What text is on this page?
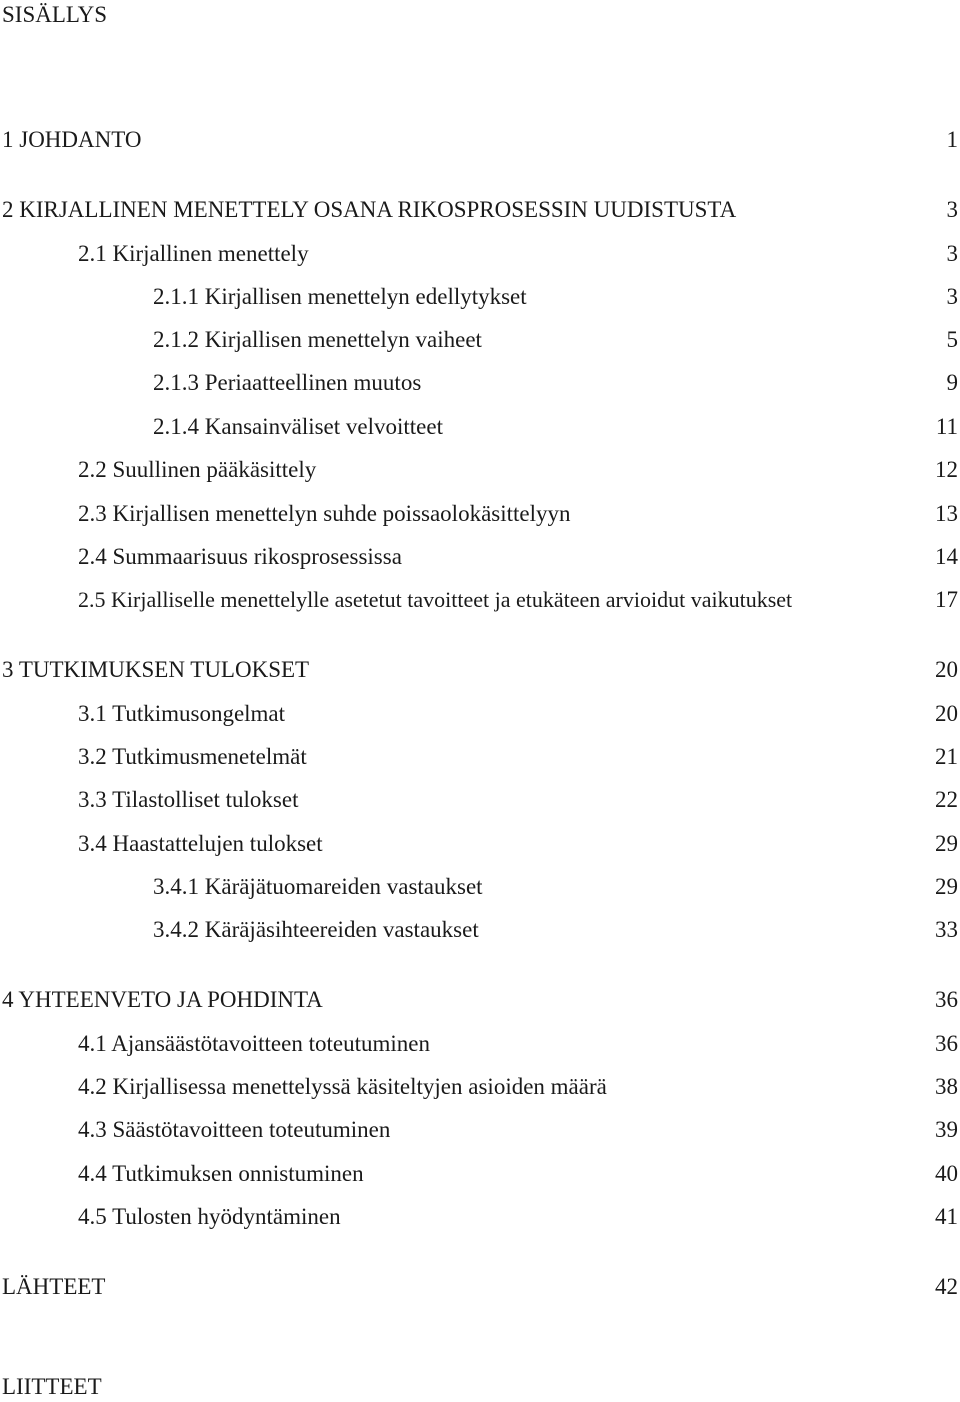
SISÄLLYS
1 JOHDANTO	1
2 KIRJALLINEN MENETTELY OSANA RIKOSPROSESSIN UUDISTUSTA	3
2.1 Kirjallinen menettely	3
2.1.1 Kirjallisen menettelyn edellytykset	3
2.1.2 Kirjallisen menettelyn vaiheet	5
2.1.3 Periaatteellinen muutos	9
2.1.4 Kansainväliset velvoitteet	11
2.2 Suullinen pääkäsittely	12
2.3 Kirjallisen menettelyn suhde poissaolokäsittelyyn	13
2.4 Summaarisuus rikosprosessissa	14
2.5 Kirjalliselle menettelylle asetetut tavoitteet ja etukäteen arvioidut vaikutukset	17
3 TUTKIMUKSEN TULOKSET	20
3.1 Tutkimusongelmat	20
3.2 Tutkimusmenetelmät	21
3.3 Tilastolliset tulokset	22
3.4 Haastattelujen tulokset	29
3.4.1 Käräjätuomareiden vastaukset	29
3.4.2 Käräjäsihteereiden vastaukset	33
4 YHTEENVETO JA POHDINTA	36
4.1 Ajansäästötavoitteen toteutuminen	36
4.2 Kirjallisessa menettelyssä käsiteltyjen asioiden määrä	38
4.3 Säästötavoitteen toteutuminen	39
4.4 Tutkimuksen onnistuminen	40
4.5 Tulosten hyödyntäminen	41
LÄHTEET	42
LIITTEET
